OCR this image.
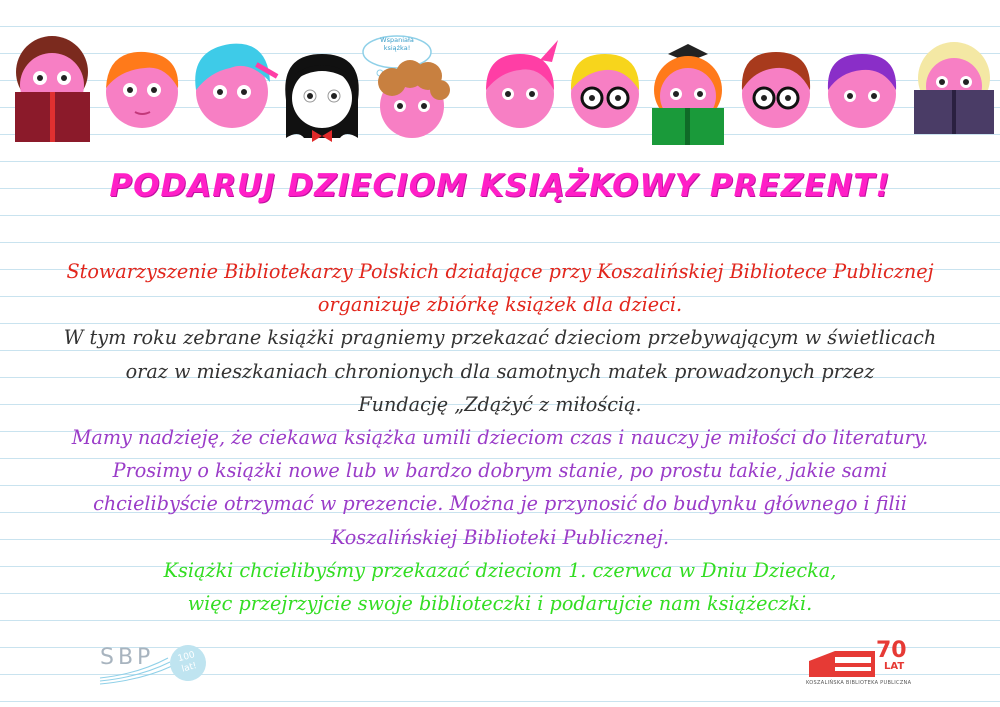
Wspaniała książka!
PODARUJ DZIECIOM KSIĄŻKOWY PREZENT!

Stowarzyszenie Bibliotekarzy Polskich działające przy Koszalińskiej Bibliotece Publicznej

organizuje zbiórkę książek dla dzieci.

W tym roku zebrane książki pragniemy przekazać dzieciom przebywającym w świetlicach

oraz w mieszkaniach chronionych dla samotnych matek prowadzonych przez

Fundację „Zdążyć z miłością.

Mamy nadzieję, że ciekawa książka umili dzieciom czas i nauczy je miłości do literatury.

Prosimy o książki nowe lub w bardzo dobrym stanie, po prostu takie, jakie sami

chcielibyście otrzymać w prezencie. Można je przynosić do budynku głównego i filii

Koszalińskiej Biblioteki Publicznej.

Książki chcielibyśmy przekazać dzieciom 1. czerwca w Dniu Dziecka,

więc przejrzyjcie swoje biblioteczki i podarujcie nam książeczki.

SBP	100
lat!
70
LAT
KOSZALIŃSKA BIBLIOTEKA PUBLICZNA
